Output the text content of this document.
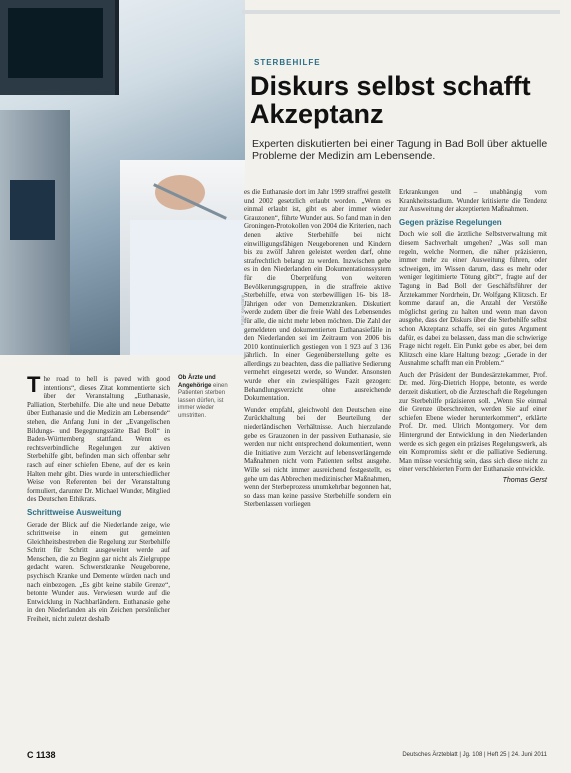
Foto: Keystone
STERBEHILFE
Diskurs selbst schafft Akzeptanz
Experten diskutierten bei einer Tagung in Bad Boll über aktuelle Probleme der Medizin am Lebensende.

The road to hell is paved with good intentions“, dieses Zitat kommentierte sich über der Veranstaltung „Euthanasie, Palliation, Sterbehilfe. Die alte und neue Debatte über Euthanasie und die Medizin am Lebensende“ stehen, die Anfang Juni in der „Evangelischen Bildungs- und Begegnungsstätte Bad Boll“ in Baden-Württemberg stattfand. Wenn es rechtsverbindliche Regelungen zur aktiven Sterbehilfe gibt, befinden man sich offenbar sehr rasch auf einer schiefen Ebene, auf der es kein Halten mehr gibt. Dies wurde in unterschiedlicher Weise von Referenten bei der Veranstaltung formuliert, darunter Dr. Michael Wunder, Mitglied des Deutschen Ethikrats.

Schrittweise Ausweitung

Gerade der Blick auf die Niederlande zeige, wie schrittweise in einem gut gemeinten Gleichheitsbestreben die Regelung zur Sterbehilfe Schritt für Schritt ausgeweitet werde auf Menschen, die zu Beginn gar nicht als Zielgruppe gedacht waren. Schwerstkranke Neugeborene, psychisch Kranke und Demente würden nach und nach einbezogen. „Es gibt keine stabile Grenze“, betonte Wunder aus. Verwiesen wurde auf die Entwicklung in Nachbarländern. Euthanasie gehe in den Niederlanden als ein Zeichen persönlicher Freiheit, nicht zuletzt deshalb

Ob Ärzte und Angehörige einen Patienten sterben lassen dürfen, ist immer wieder umstritten.

es die Euthanasie dort im Jahr 1999 straffrei gestellt und 2002 gesetzlich erlaubt worden. „Wenn es einmal erlaubt ist, gibt es aber immer wieder Grauzonen“, führte Wunder aus. So fand man in den Groningen-Protokollen von 2004 die Kriterien, nach denen aktive Sterbehilfe bei nicht einwilligungsfähigen Neugeborenen und Kindern bis zu zwölf Jahren geleistet werden darf, ohne strafrechtlich belangt zu werden. Inzwischen gebe es in den Niederlanden ein Dokumentationssystem für die Überprüfung von weiteren Bevölkerungsgruppen, in die straffreie aktive Sterbehilfe, etwa von sterbewilligen 16- bis 18-Jährigen oder von Demenzkranken. Diskutiert werde zudem über die freie Wahl des Lebensendes für alle, die nicht mehr leben möchten. Die Zahl der gemeldeten und dokumentierten Euthanasiefälle in den Niederlanden sei im Zeitraum von 2006 bis 2010 kontinuierlich gestiegen von 1 923 auf 3 136 jährlich. In einer Gegenüberstellung gelte es allerdings zu beachten, dass die palliative Sedierung vermehrt eingesetzt werde, so Wunder. Ansonsten wurde eher ein zwiespältiges Fazit gezogen: Behandlungsverzicht ohne ausreichende Dokumentation.

Wunder empfahl, gleichwohl den Deutschen eine Zurückhaltung bei der Beurteilung der niederländischen Verhältnisse. Auch hierzulande gebe es Grauzonen in der passiven Euthanasie, sie werden nur nicht entsprechend dokumentiert, wenn die Initiative zum Verzicht auf lebensverlängernde Maßnahmen nicht vom Patienten selbst ausgehe. Wille sei nicht immer ausreichend festgestellt, es gehe um das Abbrechen medizinischer Maßnahmen, wenn der Sterbeprozess unumkehrbar begonnen hat, so dass man keine passive Sterbehilfe sondern ein Sterbenlassen vorliegen

Erkrankungen und – unabhängig vom Krankheitsstadium. Wunder kritisierte die Tendenz zur Ausweitung der akzeptierten Maßnahmen.

Gegen präzise Regelungen

Doch wie soll die ärztliche Selbstverwaltung mit diesem Sachverhalt umgehen? „Was soll man regeln, welche Normen, die näher präzisieren, immer mehr zu einer Ausweitung führen, oder schweigen, im Wissen darum, dass es mehr oder weniger legitimierte Tötung gibt?“, fragte auf der Tagung in Bad Boll der Geschäftsführer der Ärztekammer Nordrhein, Dr. Wolfgang Klitzsch. Er komme darauf an, die Anzahl der Verstöße möglichst gering zu halten und wenn man davon ausgehe, dass der Diskurs über die Sterbehilfe selbst schon Akzeptanz schaffe, sei ein gutes Argument dafür, es dabei zu belassen, dass man die schwierige Frage nicht regelt. Ein Punkt gebe es aber, bei dem Klitzsch eine klare Haltung bezog: „Gerade in der Ausnahme schafft man ein Problem.“

Auch der Präsident der Bundesärztekammer, Prof. Dr. med. Jörg-Dietrich Hoppe, betonte, es werde derzeit diskutiert, ob die Ärzteschaft die Regelungen zur Sterbehilfe präzisieren soll. „Wenn Sie einmal die Grenze überschreiten, werden Sie auf einer schiefen Ebene wieder herunterkommen“, erklärte Prof. Dr. med. Ulrich Montgomery. Vor dem Hintergrund der Entwicklung in den Niederlanden werde es sich gegen ein präzises Regelungswerk, als ein Kompromiss sieht er die palliative Sedierung. Man müsse vorsichtig sein, dass sich diese nicht zu einer verschleierten Form der Euthanasie entwickle.

Thomas Gerst
C 1138	Deutsches Ärzteblatt | Jg. 108 | Heft 25 | 24. Juni 2011
